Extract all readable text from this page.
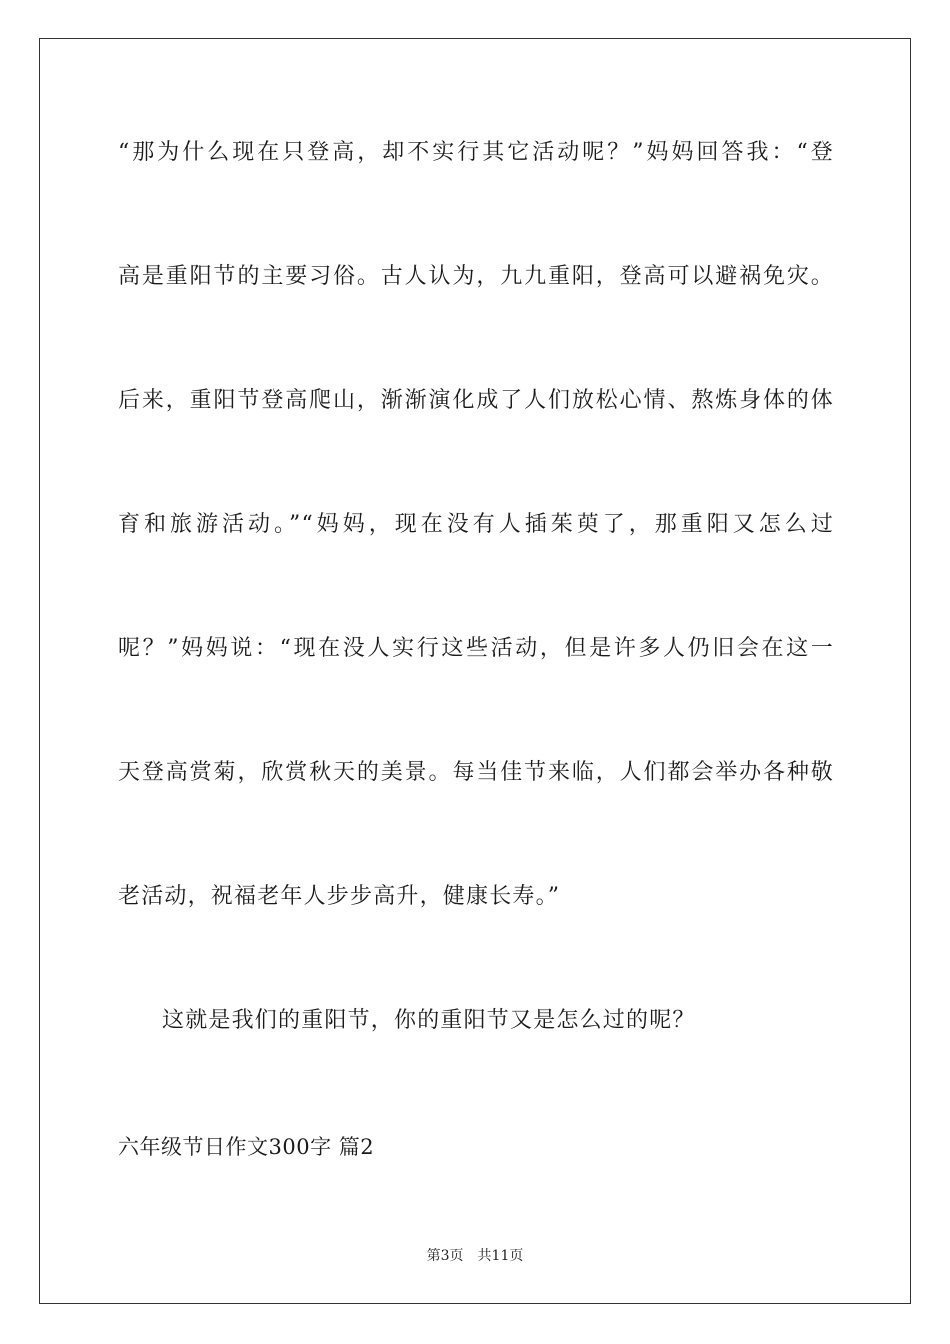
“那为什么现在只登高，却不实行其它活动呢？”妈妈回答我：“登
高是重阳节的主要习俗。古人认为，九九重阳，登高可以避祸免灾。
后来，重阳节登高爬山，渐渐演化成了人们放松心情、熬炼身体的体
育和旅游活动。”“妈妈，现在没有人插茱萸了，那重阳又怎么过
呢？”妈妈说：“现在没人实行这些活动，但是许多人仍旧会在这一
天登高赏菊，欣赏秋天的美景。每当佳节来临，人们都会举办各种敬
老活动，祝福老年人步步高升，健康长寿。”
这就是我们的重阳节，你的重阳节又是怎么过的呢？
六年级节日作文300字 篇2
第3页 共11页
